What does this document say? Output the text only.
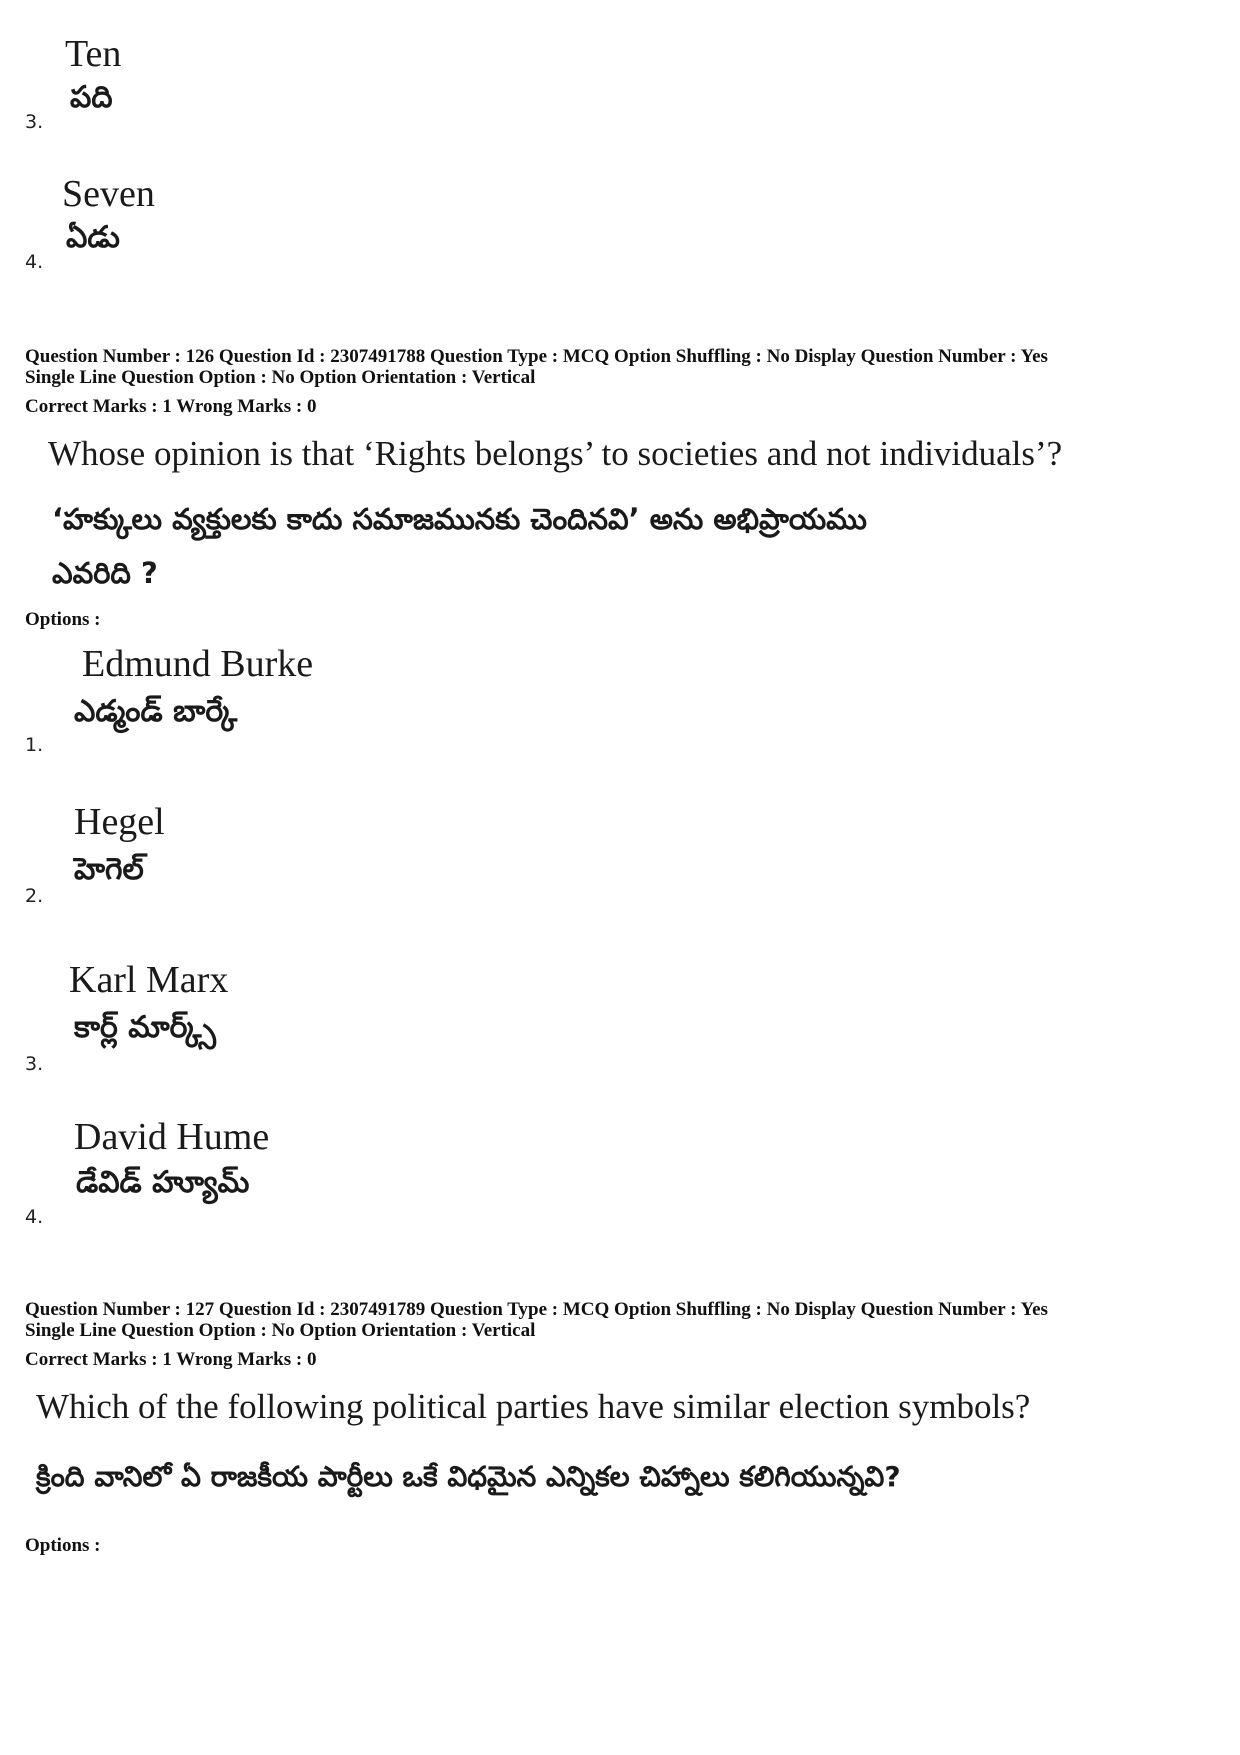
Ten
పది
3.
Seven
ఏడు
4.
Question Number : 126 Question Id : 2307491788 Question Type : MCQ Option Shuffling : No Display Question Number : Yes
Single Line Question Option : No Option Orientation : Vertical
Correct Marks : 1 Wrong Marks : 0
Whose opinion is that ‘Rights belongs’ to societies and not individuals’?
‘హక్కులు వ్యక్తులకు కాదు సమాజమునకు చెందినవి’ అను అభిప్రాయము
ఎవరిది ?
Options :
Edmund Burke
ఎడ్మండ్ బార్కే
1.
Hegel
హెగెల్
2.
Karl Marx
కార్ల్ మార్క్స్
3.
David Hume
డేవిడ్ హ్యూమ్
4.
Question Number : 127 Question Id : 2307491789 Question Type : MCQ Option Shuffling : No Display Question Number : Yes
Single Line Question Option : No Option Orientation : Vertical
Correct Marks : 1 Wrong Marks : 0
Which of the following political parties have similar election symbols?
క్రింది వానిలో ఏ రాజకీయ పార్టీలు ఒకే విధమైన ఎన్నికల చిహ్నాలు కలిగియున్నవి?
Options :
